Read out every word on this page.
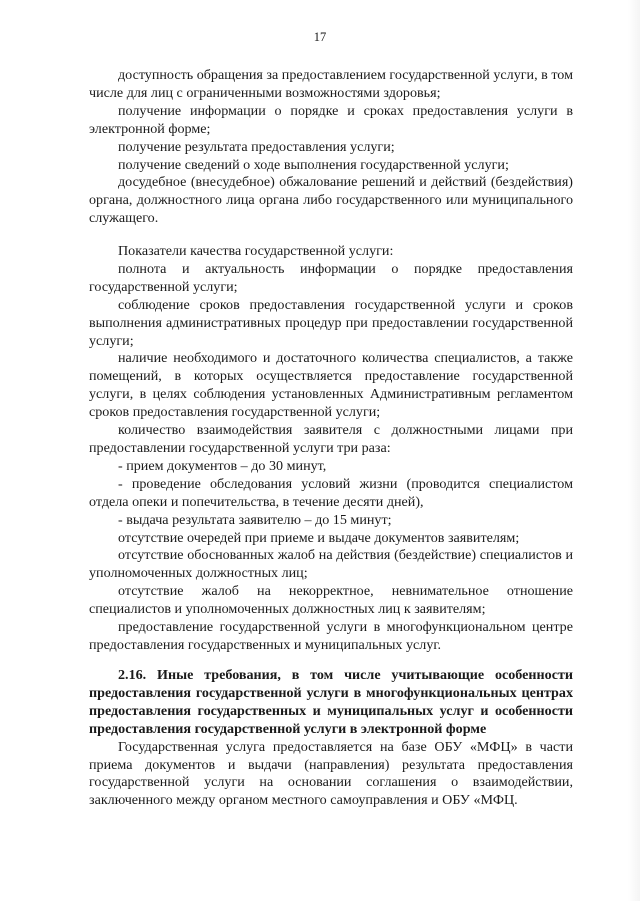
17

доступность обращения за предоставлением государственной услуги, в том числе для лиц с ограниченными возможностями здоровья;

получение информации о порядке и сроках предоставления услуги в электронной форме;

получение результата предоставления услуги;

получение сведений о ходе выполнения государственной услуги;

досудебное (внесудебное) обжалование решений и действий (бездействия) органа, должностного лица органа либо государственного или муниципального служащего.

Показатели качества государственной услуги:

полнота и актуальность информации о порядке предоставления государственной услуги;

соблюдение сроков предоставления государственной услуги и сроков выполнения административных процедур при предоставлении государственной услуги;

наличие необходимого и достаточного количества специалистов, а также помещений, в которых осуществляется предоставление государственной услуги, в целях соблюдения установленных Административным регламентом сроков предоставления государственной услуги;

количество взаимодействия заявителя с должностными лицами при предоставлении государственной услуги три раза:

- прием документов – до 30 минут,

- проведение обследования условий жизни (проводится специалистом отдела опеки и попечительства, в течение десяти дней),

- выдача результата заявителю – до 15 минут;

отсутствие очередей при приеме и выдаче документов заявителям;

отсутствие обоснованных жалоб на действия (бездействие) специалистов и уполномоченных должностных лиц;

отсутствие жалоб на некорректное, невнимательное отношение специалистов и уполномоченных должностных лиц к заявителям;

предоставление государственной услуги в многофункциональном центре предоставления государственных и муниципальных услуг.

2.16. Иные требования, в том числе учитывающие особенности предоставления государственной услуги в многофункциональных центрах предоставления государственных и муниципальных услуг и особенности предоставления государственной услуги в электронной форме

Государственная услуга предоставляется на базе ОБУ «МФЦ» в части приема документов и выдачи (направления) результата предоставления государственной услуги на основании соглашения о взаимодействии, заключенного между органом местного самоуправления и ОБУ «МФЦ.
